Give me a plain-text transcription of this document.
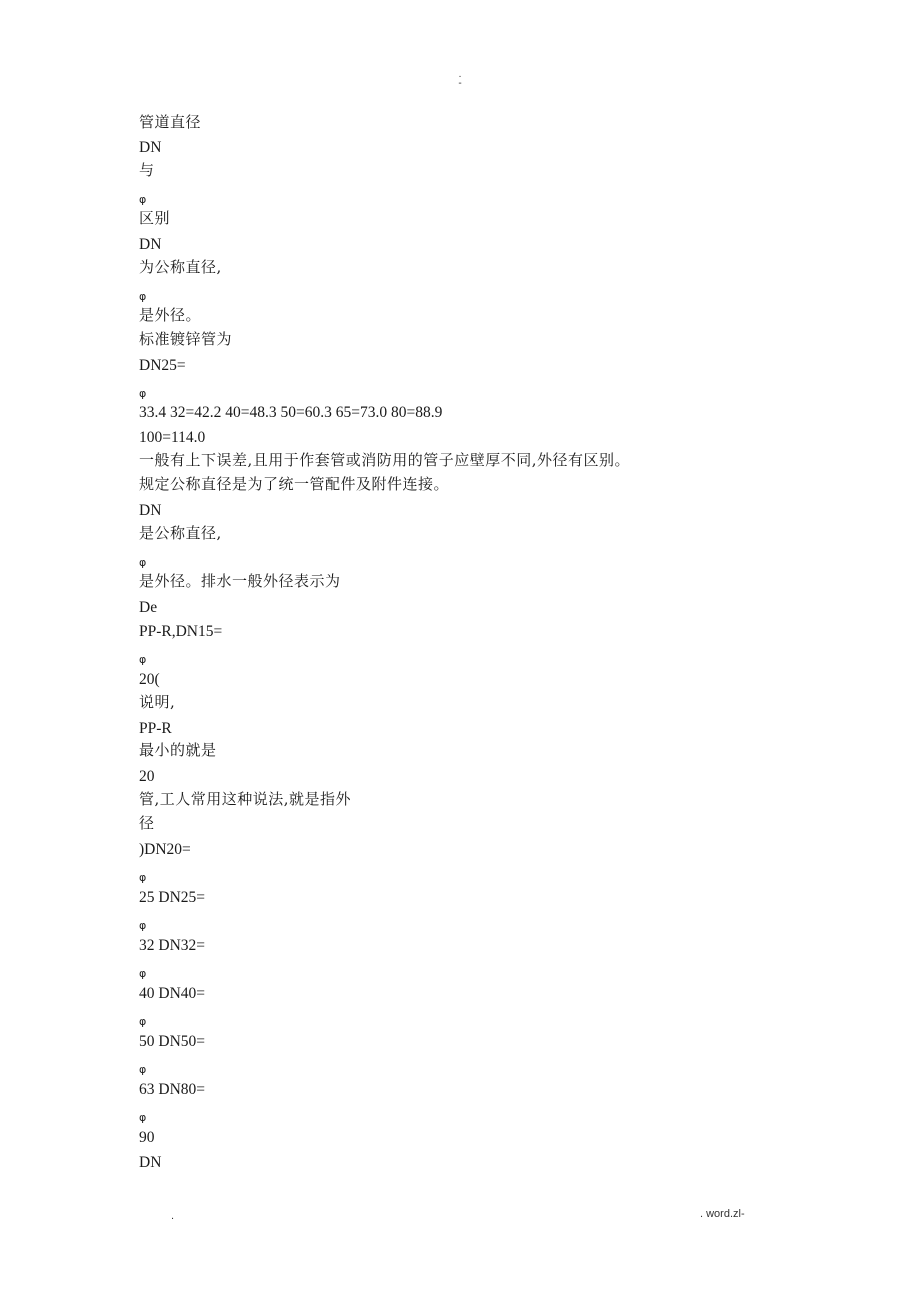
.
-
管道直径
DN
与
φ
区别
DN
为公称直径,
φ
是外径。
标准镀锌管为
DN25=
φ
33.4 32=42.2 40=48.3 50=60.3 65=73.0 80=88.9
100=114.0
一般有上下误差,且用于作套管或消防用的管子应壁厚不同,外径有区别。
规定公称直径是为了统一管配件及附件连接。
DN
是公称直径,
φ
是外径。排水一般外径表示为
De
PP-R,DN15=
φ
20(
说明,
PP-R
最小的就是
20
管,工人常用这种说法,就是指外
径
)DN20=
φ
25 DN25=
φ
32 DN32=
φ
40 DN40=
φ
50 DN50=
φ
63 DN80=
φ
90
DN
.	. word.zl-
